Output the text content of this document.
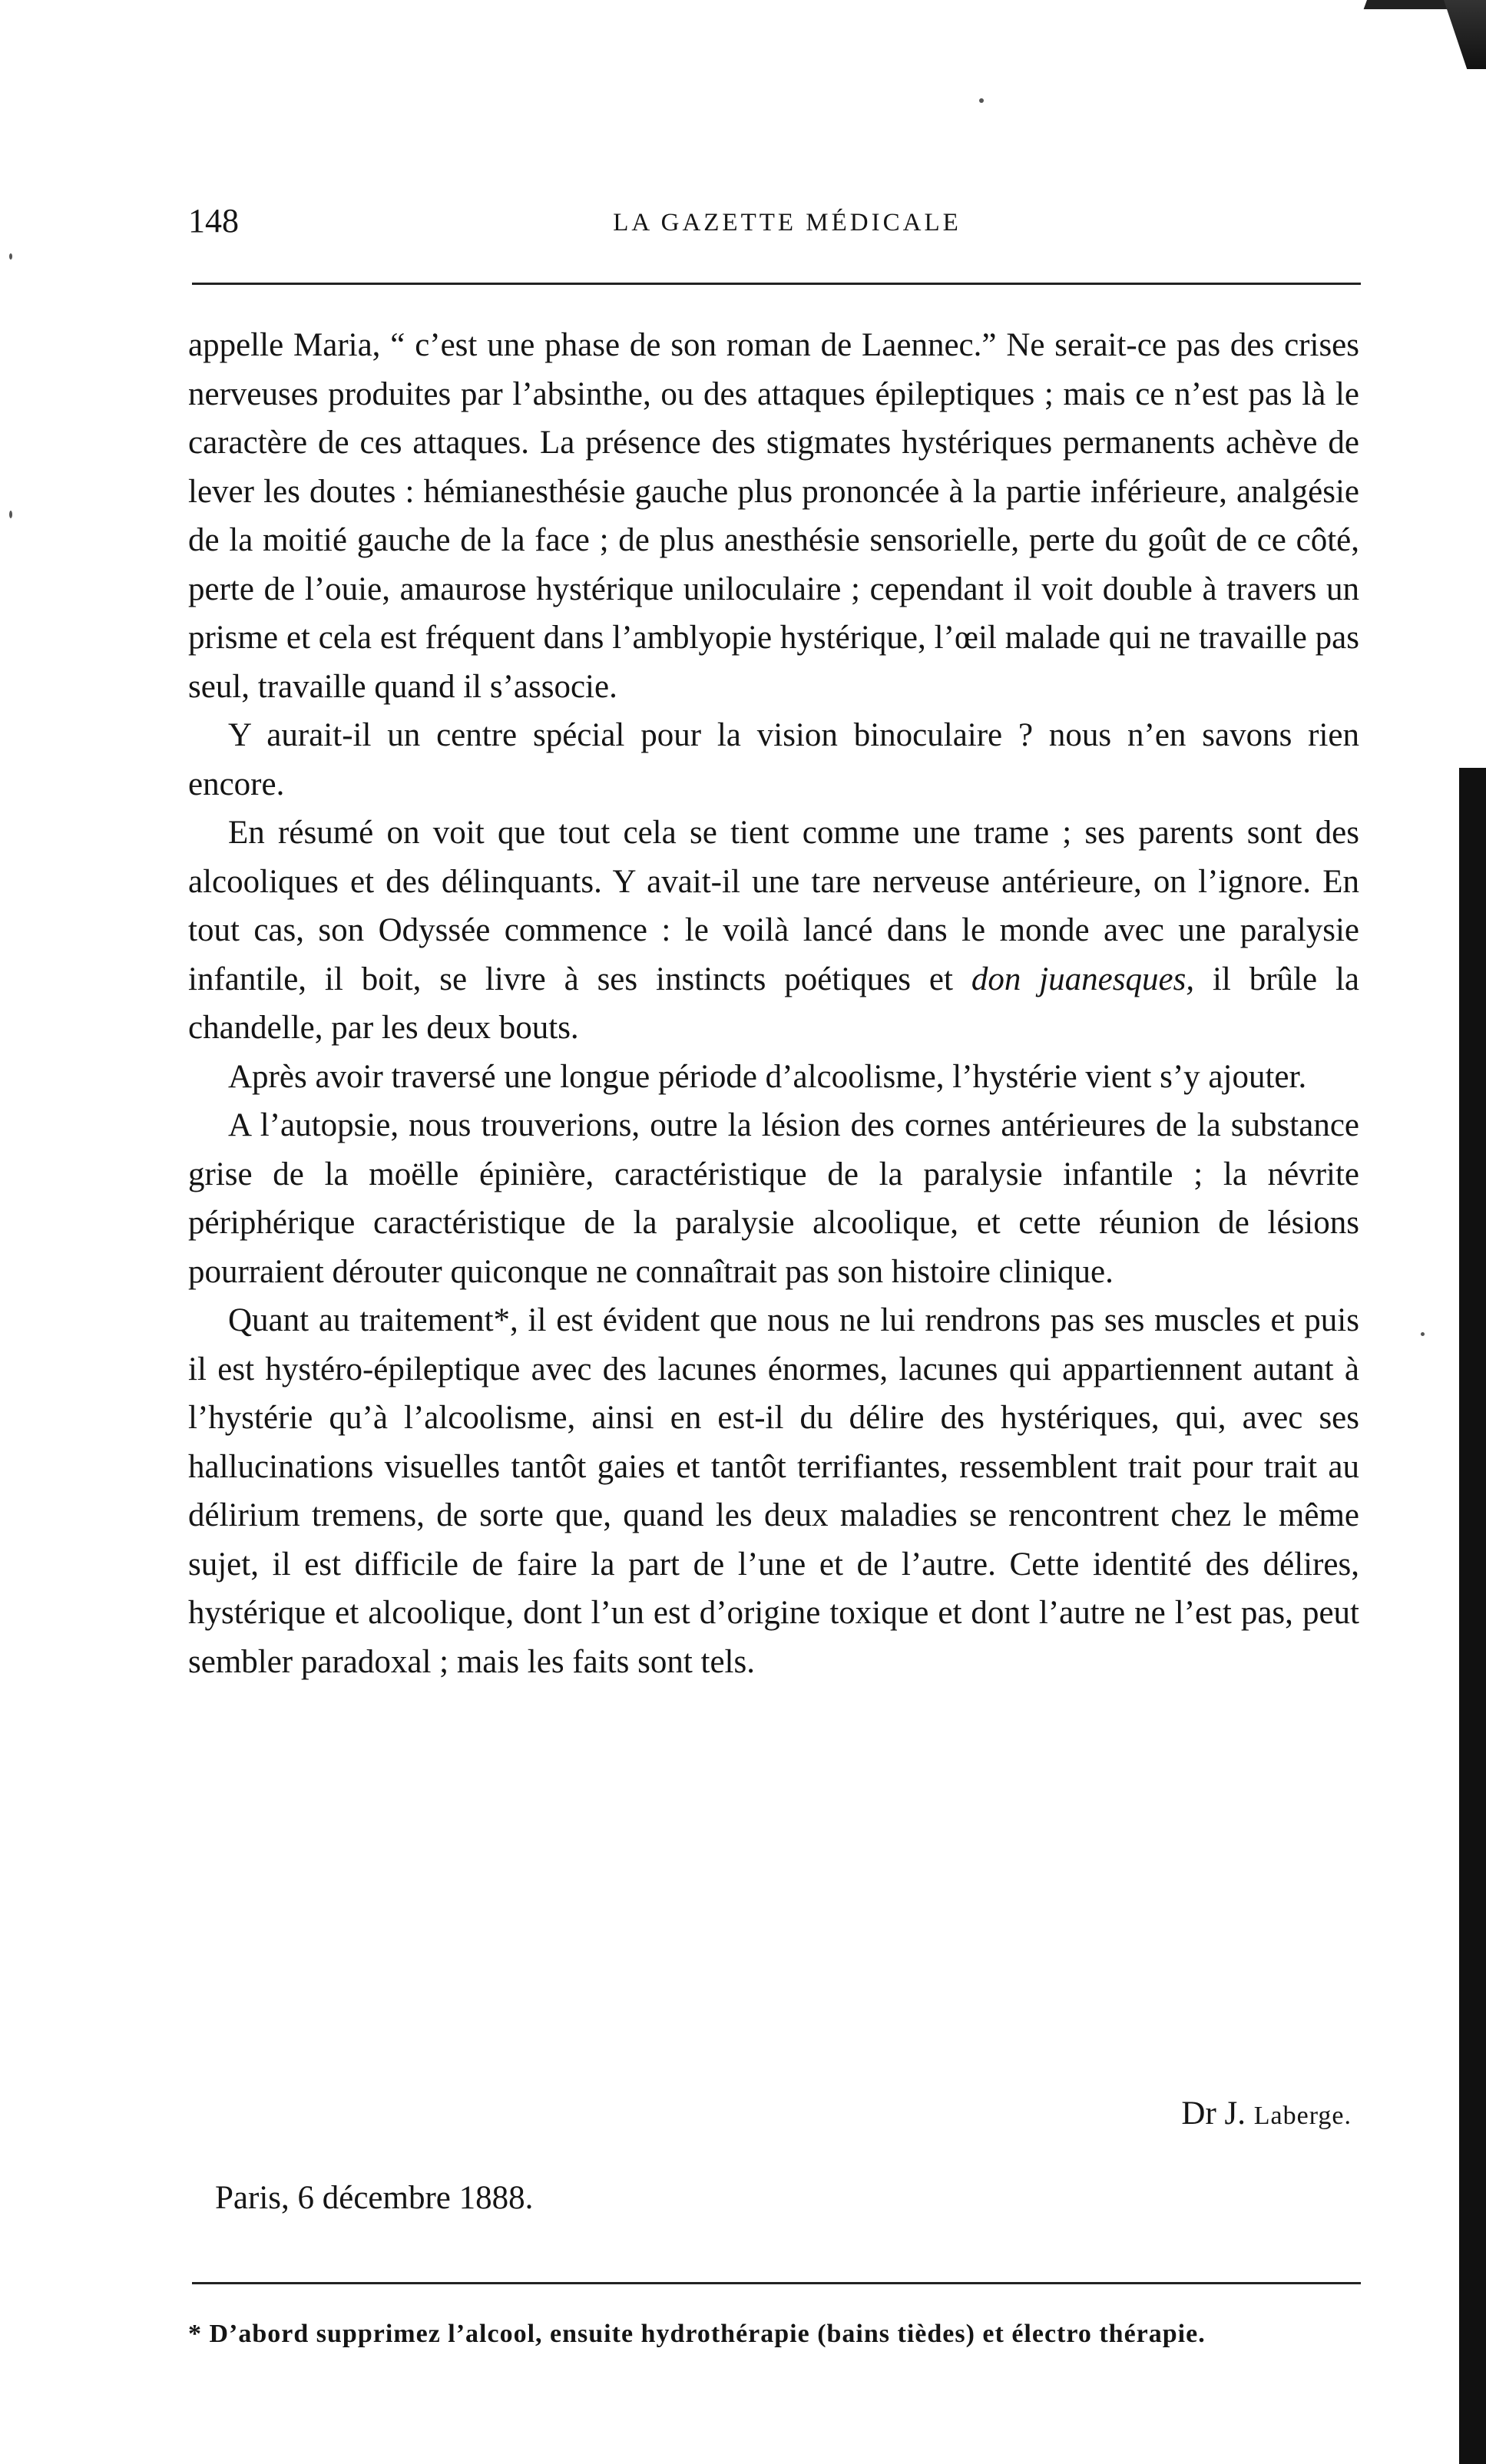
148	LA GAZETTE MÉDICALE

appelle Maria, “ c’est une phase de son roman de Laennec.” Ne serait-ce pas des crises nerveuses produites par l’absinthe, ou des attaques épileptiques ; mais ce n’est pas là le caractère de ces attaques. La présence des stigmates hystériques permanents achève de lever les doutes : hémianesthésie gauche plus prononcée à la partie inférieure, analgésie de la moitié gauche de la face ; de plus anesthésie sensorielle, perte du goût de ce côté, perte de l’ouie, amaurose hystérique uniloculaire ; cependant il voit double à travers un prisme et cela est fréquent dans l’amblyopie hystérique, l’œil malade qui ne travaille pas seul, travaille quand il s’associe.

Y aurait-il un centre spécial pour la vision binoculaire ? nous n’en savons rien encore.

En résumé on voit que tout cela se tient comme une trame ; ses parents sont des alcooliques et des délinquants. Y avait-il une tare nerveuse antérieure, on l’ignore. En tout cas, son Odyssée commence : le voilà lancé dans le monde avec une paralysie infantile, il boit, se livre à ses instincts poétiques et don juanesques, il brûle la chandelle, par les deux bouts.

Après avoir traversé une longue période d’alcoolisme, l’hystérie vient s’y ajouter.

A l’autopsie, nous trouverions, outre la lésion des cornes antérieures de la substance grise de la moëlle épinière, caractéristique de la paralysie infantile ; la névrite périphérique caractéristique de la paralysie alcoolique, et cette réunion de lésions pourraient dérouter quiconque ne connaîtrait pas son histoire clinique.

Quant au traitement*, il est évident que nous ne lui rendrons pas ses muscles et puis il est hystéro-épileptique avec des lacunes énormes, lacunes qui appartiennent autant à l’hystérie qu’à l’alcoolisme, ainsi en est-il du délire des hystériques, qui, avec ses hallucinations visuelles tantôt gaies et tantôt terrifiantes, ressemblent trait pour trait au délirium tremens, de sorte que, quand les deux maladies se rencontrent chez le même sujet, il est difficile de faire la part de l’une et de l’autre. Cette identité des délires, hystérique et alcoolique, dont l’un est d’origine toxique et dont l’autre ne l’est pas, peut sembler paradoxal ; mais les faits sont tels.

Dr J. Laberge.
Paris, 6 décembre 1888.
* D’abord supprimez l’alcool, ensuite hydrothérapie (bains tièdes) et électro thérapie.
